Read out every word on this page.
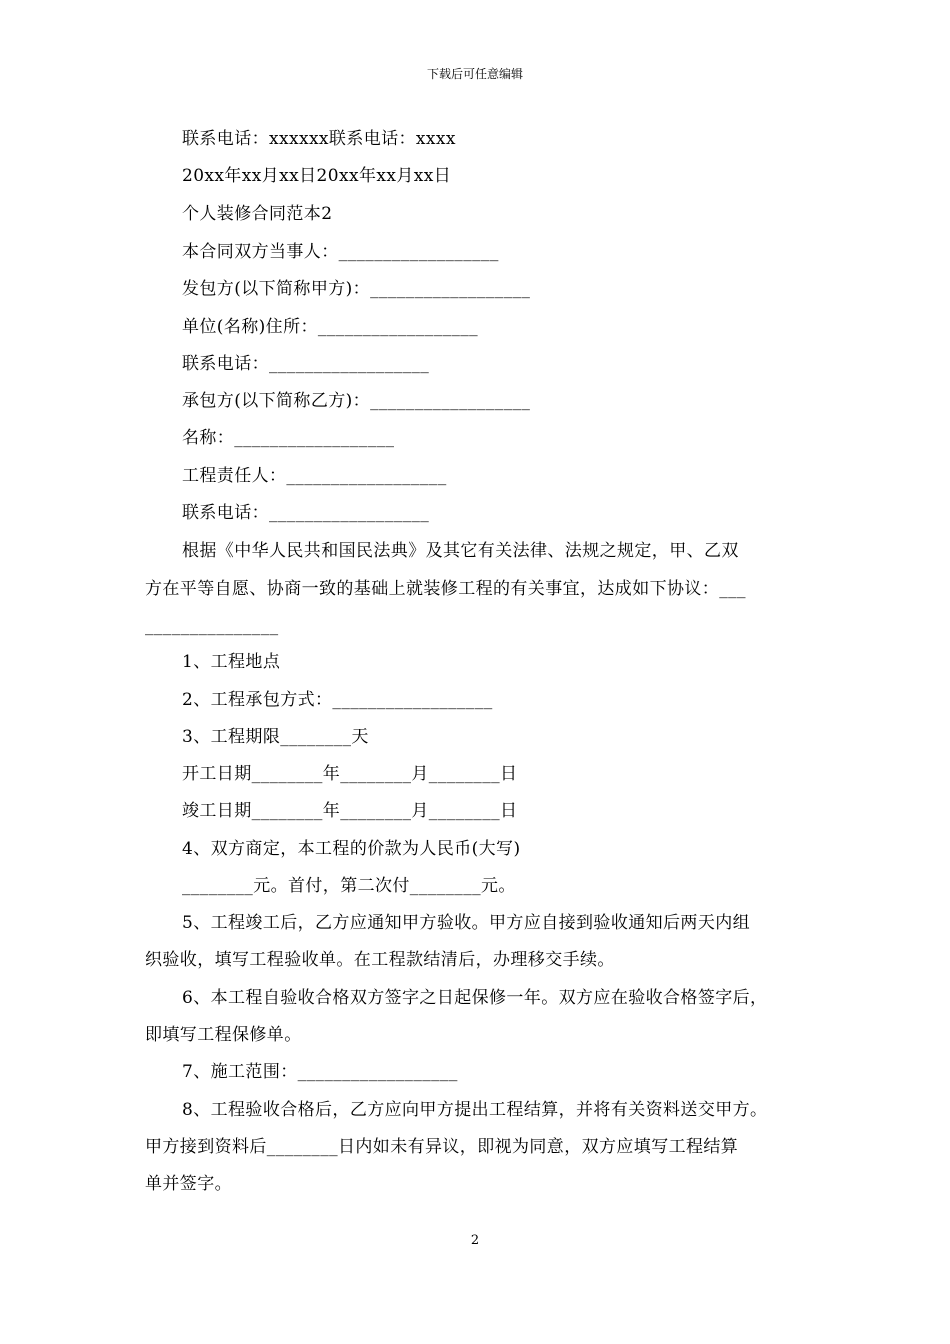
下载后可任意编辑
联系电话：xxxxxx联系电话：xxxx
20xx年xx月xx日20xx年xx月xx日
个人装修合同范本2
本合同双方当事人：__________________
发包方(以下简称甲方)：__________________
单位(名称)住所：__________________
联系电话：__________________
承包方(以下简称乙方)：__________________
名称：__________________
工程责任人：__________________
联系电话：__________________
根据《中华人民共和国民法典》及其它有关法律、法规之规定，甲、乙双
方在平等自愿、协商一致的基础上就装修工程的有关事宜，达成如下协议：___
_______________
1、工程地点
2、工程承包方式：__________________
3、工程期限________天
开工日期________年________月________日
竣工日期________年________月________日
4、双方商定，本工程的价款为人民币(大写)
________元。首付，第二次付________元。
5、工程竣工后，乙方应通知甲方验收。甲方应自接到验收通知后两天内组
织验收，填写工程验收单。在工程款结清后，办理移交手续。
6、本工程自验收合格双方签字之日起保修一年。双方应在验收合格签字后，
即填写工程保修单。
7、施工范围：__________________
8、工程验收合格后，乙方应向甲方提出工程结算，并将有关资料送交甲方。
甲方接到资料后________日内如未有异议，即视为同意，双方应填写工程结算
单并签字。
2
